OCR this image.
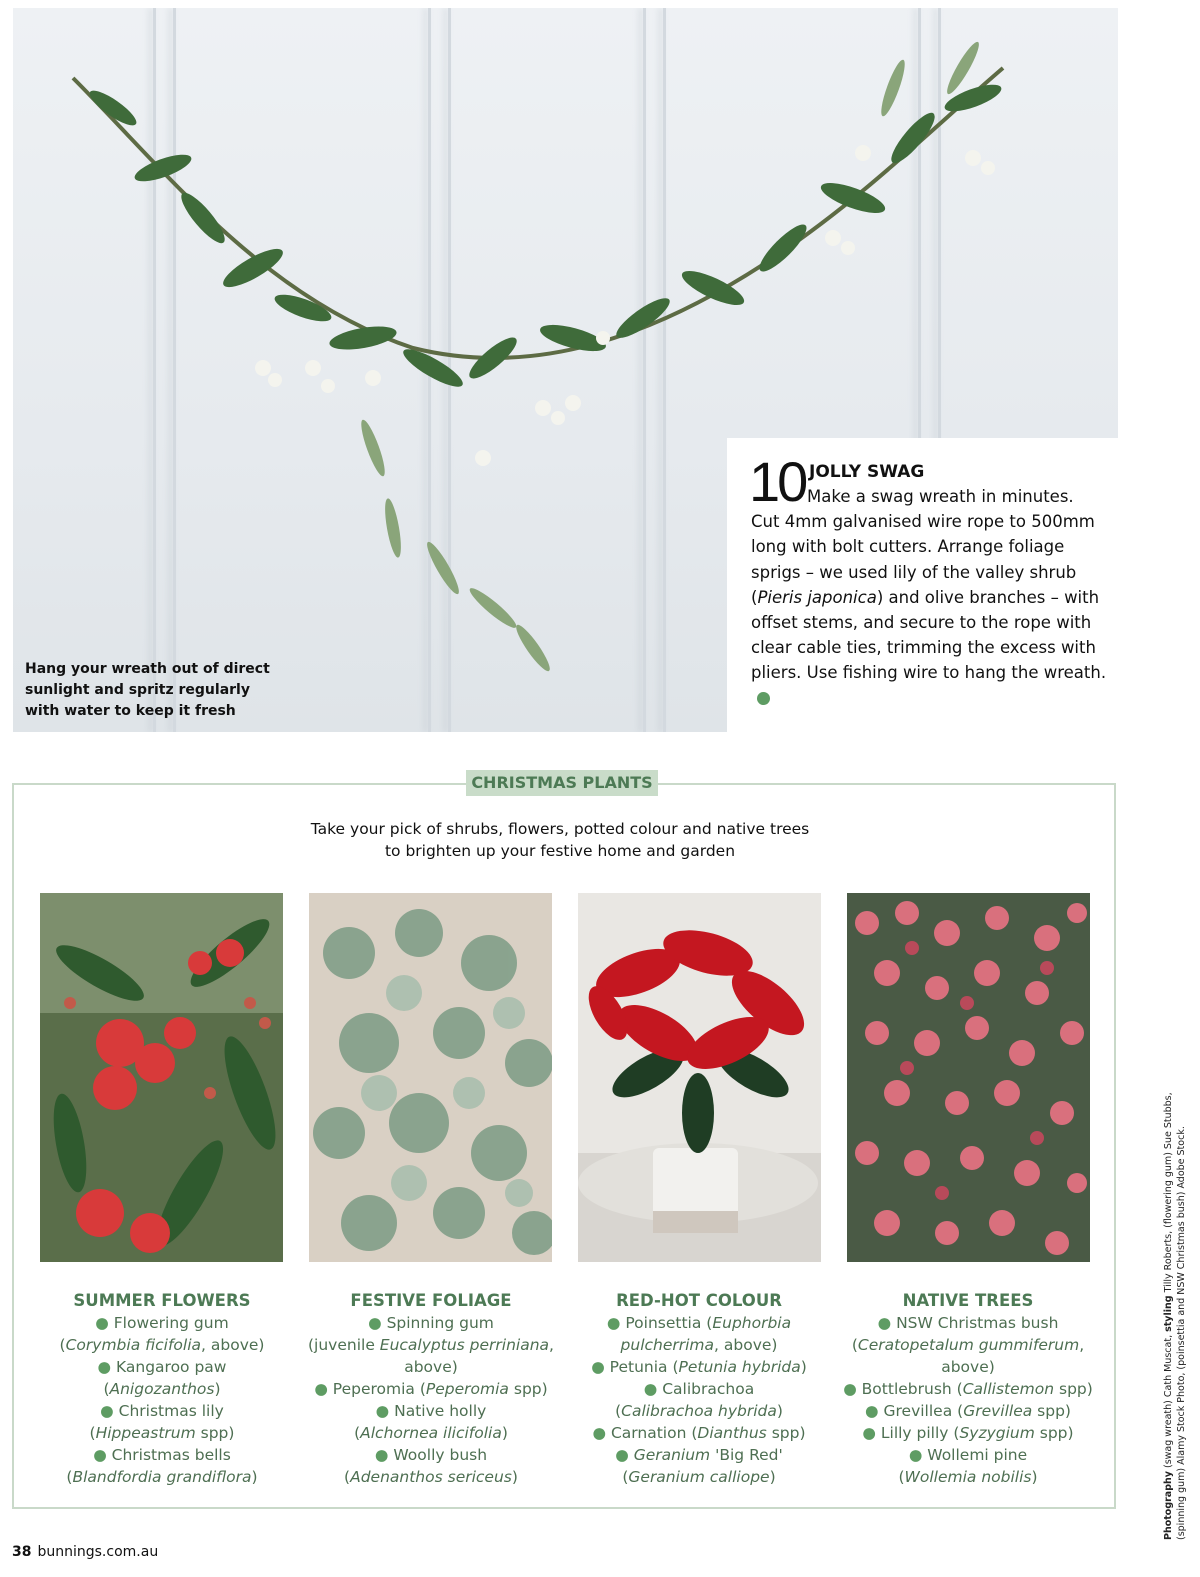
Hang your wreath out of direct sunlight and spritz regularly with water to keep it fresh
10 JOLLY SWAG
Make a swag wreath in minutes.
Cut 4mm galvanised wire rope to 500mm long with bolt cutters. Arrange foliage sprigs – we used lily of the valley shrub (Pieris japonica) and olive branches – with offset stems, and secure to the rope with clear cable ties, trimming the excess with pliers. Use fishing wire to hang the wreath.
CHRISTMAS PLANTS
Take your pick of shrubs, flowers, potted colour and native trees
to brighten up your festive home and garden
SUMMER FLOWERS
● Flowering gum
(Corymbia ficifolia, above)
● Kangaroo paw
(Anigozanthos)
● Christmas lily
(Hippeastrum spp)
● Christmas bells
(Blandfordia grandiflora)
FESTIVE FOLIAGE
● Spinning gum
(juvenile Eucalyptus perriniana, above)
● Peperomia (Peperomia spp)
● Native holly
(Alchornea ilicifolia)
● Woolly bush
(Adenanthos sericeus)
RED-HOT COLOUR
● Poinsettia (Euphorbia pulcherrima, above)
● Petunia (Petunia hybrida)
● Calibrachoa
(Calibrachoa hybrida)
● Carnation (Dianthus spp)
● Geranium 'Big Red'
(Geranium calliope)
NATIVE TREES
● NSW Christmas bush
(Ceratopetalum gummiferum, above)
● Bottlebrush (Callistemon spp)
● Grevillea (Grevillea spp)
● Lilly pilly (Syzygium spp)
● Wollemi pine
(Wollemia nobilis)
38 bunnings.com.au
Photography (swag wreath) Cath Muscat, styling Tilly Roberts, (flowering gum) Sue Stubbs, (spinning gum) Alamy Stock Photo, (poinsettia and NSW Christmas bush) Adobe Stock.
